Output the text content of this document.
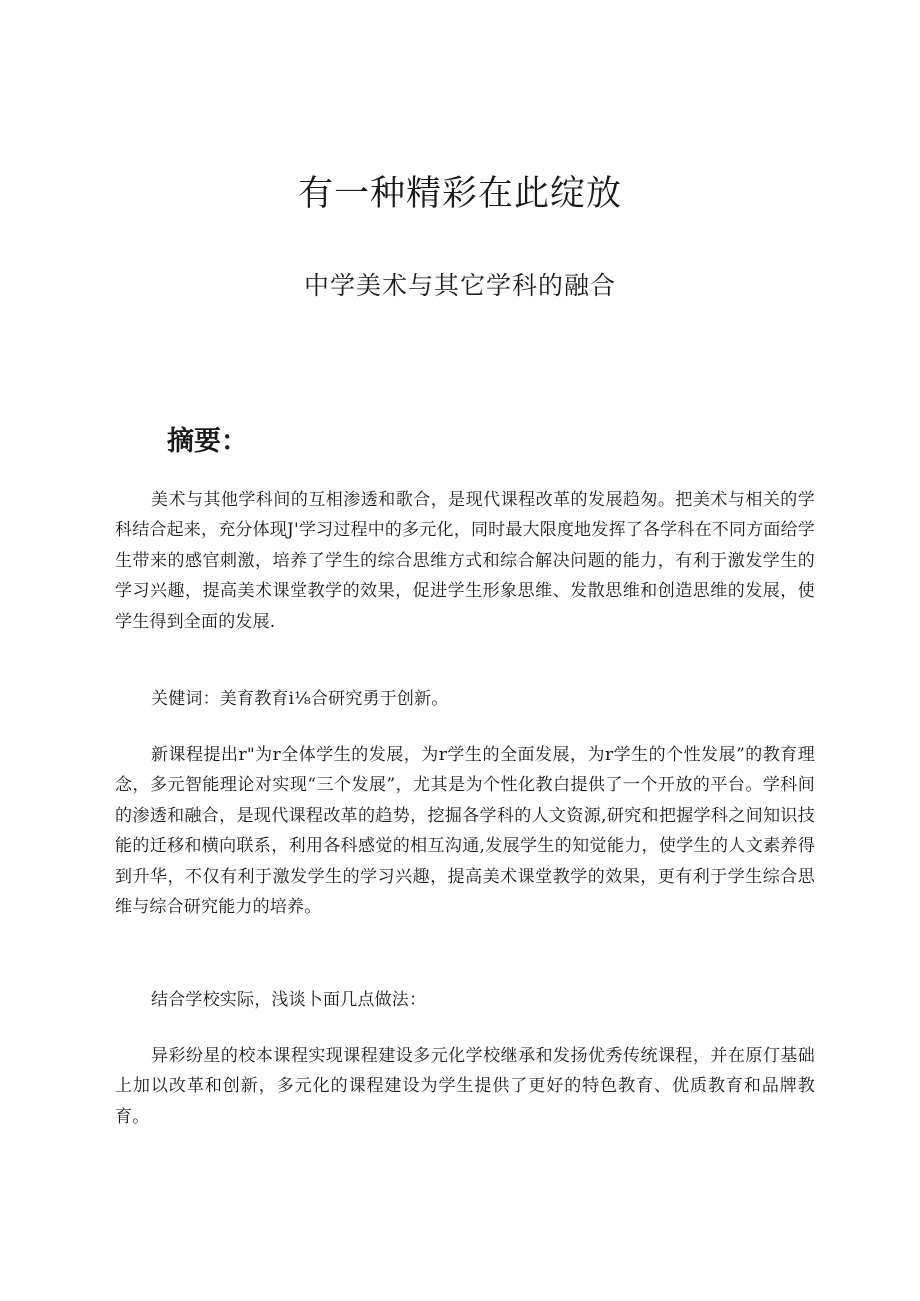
有一种精彩在此绽放
中学美术与其它学科的融合
摘要：

美术与其他学科间的互相渗透和歌合，是现代课程改革的发展趋匆。把美术与相关的学科结合起来，充分体现J'学习过程中的多元化，同时最大限度地发挥了各学科在不同方面给学生带来的感官刺激，培养了学生的综合思维方式和综合解决问题的能力，有利于激发学生的学习兴趣，提高美术课堂教学的效果，促进学生形象思维、发散思维和创造思维的发展，使学生得到全面的发展.

关健词：美育教育i⅛合研究勇于创新。

新课程提出r"为r全体学生的发展，为r学生的全面发展，为r学生的个性发展”的教育理念，多元智能理论对实现“三个发展”，尤其是为个性化教白提供了一个开放的平台。学科间的渗透和融合，是现代课程改革的趋势，挖掘各学科的人文资源,研究和把握学科之间知识技能的迁移和横向联系，利用各科感觉的相互沟通,发展学生的知觉能力，使学生的人文素养得到升华，不仅有利于激发学生的学习兴趣，提高美术课堂教学的效果，更有利于学生综合思维与综合研究能力的培养。

结合学校实际，浅谈卜面几点做法：

异彩纷星的校本课程实现课程建设多元化学校继承和发扬优秀传统课程，并在原仃基础上加以改革和创新，多元化的课程建设为学生提供了更好的特色教育、优质教育和品牌教育。
